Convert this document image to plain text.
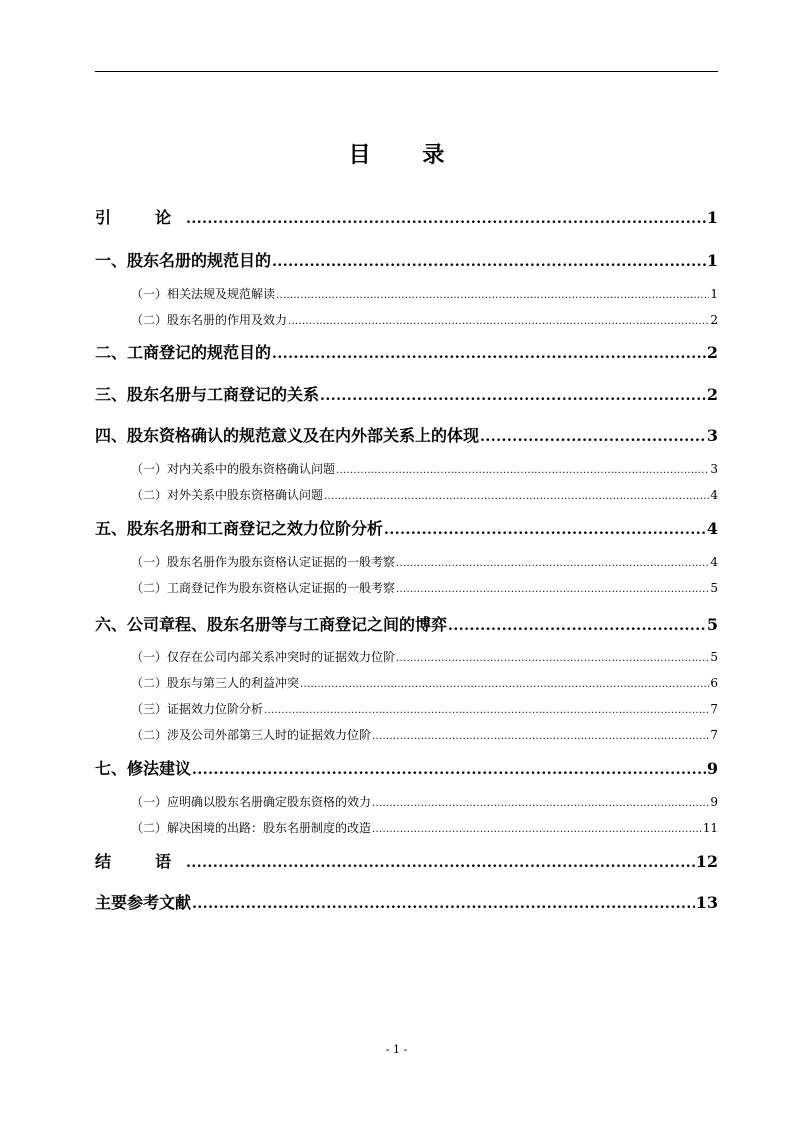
目 录
引　论 .....	1
一、股东名册的规范目的 .....	1
（一）相关法规及规范解读 .....	1
（二）股东名册的作用及效力 .....	2
二、工商登记的规范目的 .....	2
三、股东名册与工商登记的关系 .....	2
四、股东资格确认的规范意义及在内外部关系上的体现 .....	3
（一）对内关系中的股东资格确认问题 .....	3
（二）对外关系中股东资格确认问题 .....	4
五、股东名册和工商登记之效力位阶分析 .....	4
（一）股东名册作为股东资格认定证据的一般考察 .....	4
（二）工商登记作为股东资格认定证据的一般考察 .....	5
六、公司章程、股东名册等与工商登记之间的博弈 .....	5
（一）仅存在公司内部关系冲突时的证据效力位阶 .....	5
（二）股东与第三人的利益冲突 .....	6
（三）证据效力位阶分析 .....	7
（二）涉及公司外部第三人时的证据效力位阶 .....	7
七、修法建议 .....	9
（一）应明确以股东名册确定股东资格的效力 .....	9
（二）解决困境的出路：股东名册制度的改造 .....	11
结　语 .....	12
主要参考文献 .....	13
- 1 -
